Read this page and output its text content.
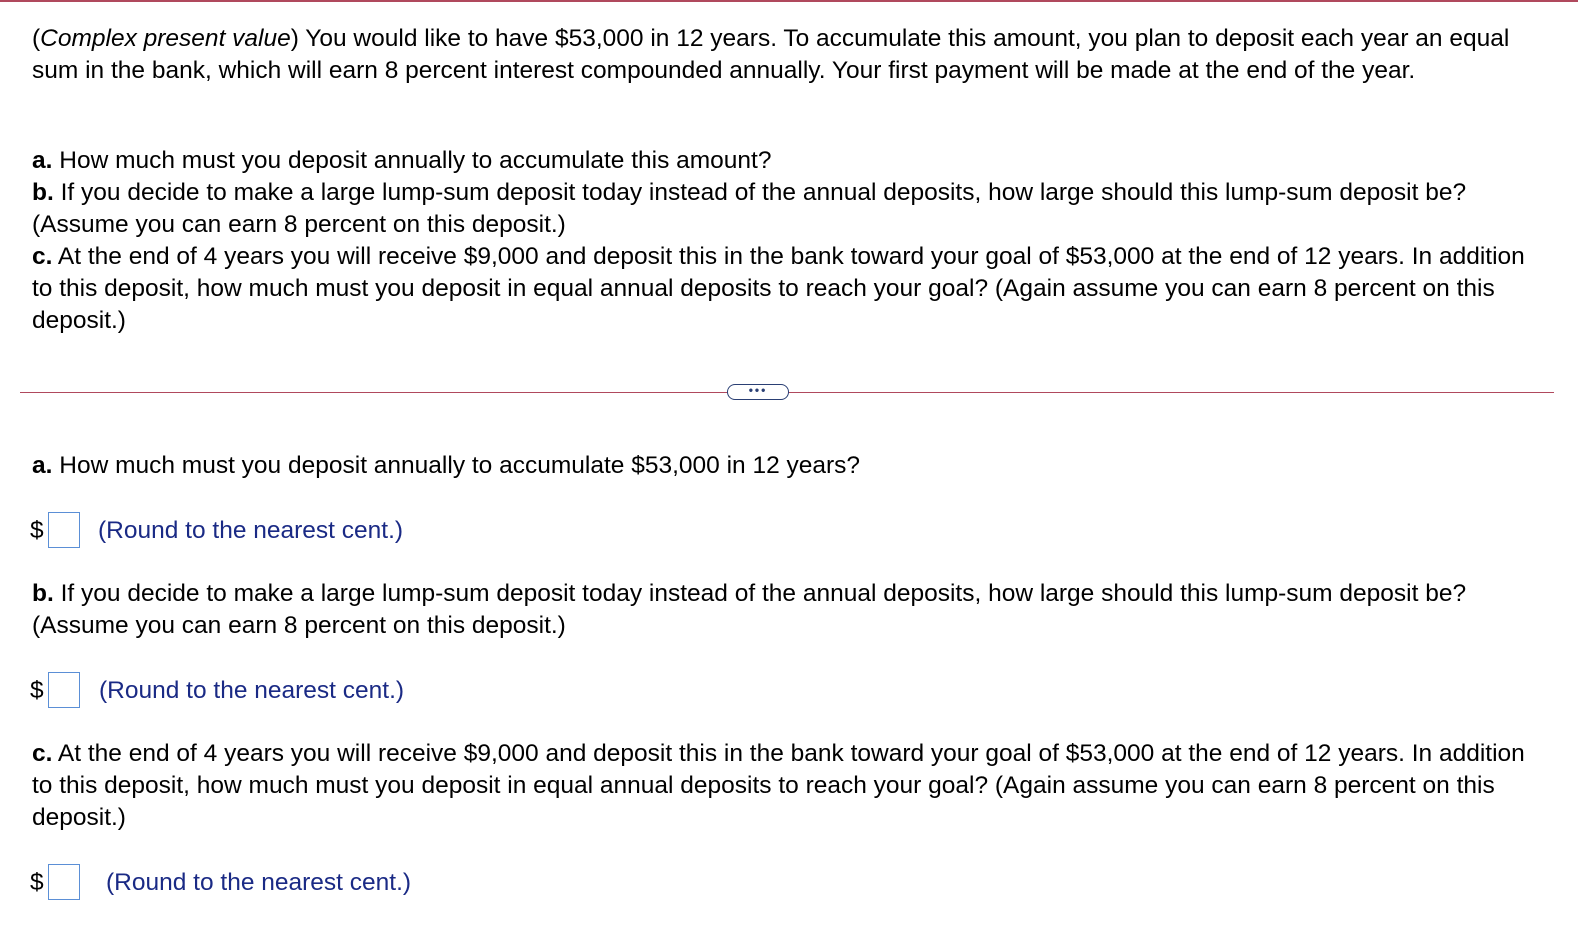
(Complex present value) You would like to have $53,000 in 12 years. To accumulate this amount, you plan to deposit each year an equal sum in the bank, which will earn 8 percent interest compounded annually. Your first payment will be made at the end of the year.

a. How much must you deposit annually to accumulate this amount?
b. If you decide to make a large lump-sum deposit today instead of the annual deposits, how large should this lump-sum deposit be? (Assume you can earn 8 percent on this deposit.)
c. At the end of 4 years you will receive $9,000 and deposit this in the bank toward your goal of $53,000 at the end of 12 years. In addition to this deposit, how much must you deposit in equal annual deposits to reach your goal? (Again assume you can earn 8 percent on this deposit.)

•••

a. How much must you deposit annually to accumulate $53,000 in 12 years?

$ (Round to the nearest cent.)

b. If you decide to make a large lump-sum deposit today instead of the annual deposits, how large should this lump-sum deposit be? (Assume you can earn 8 percent on this deposit.)

$ (Round to the nearest cent.)

c. At the end of 4 years you will receive $9,000 and deposit this in the bank toward your goal of $53,000 at the end of 12 years. In addition to this deposit, how much must you deposit in equal annual deposits to reach your goal? (Again assume you can earn 8 percent on this deposit.)

$	(Round to the nearest cent.)
